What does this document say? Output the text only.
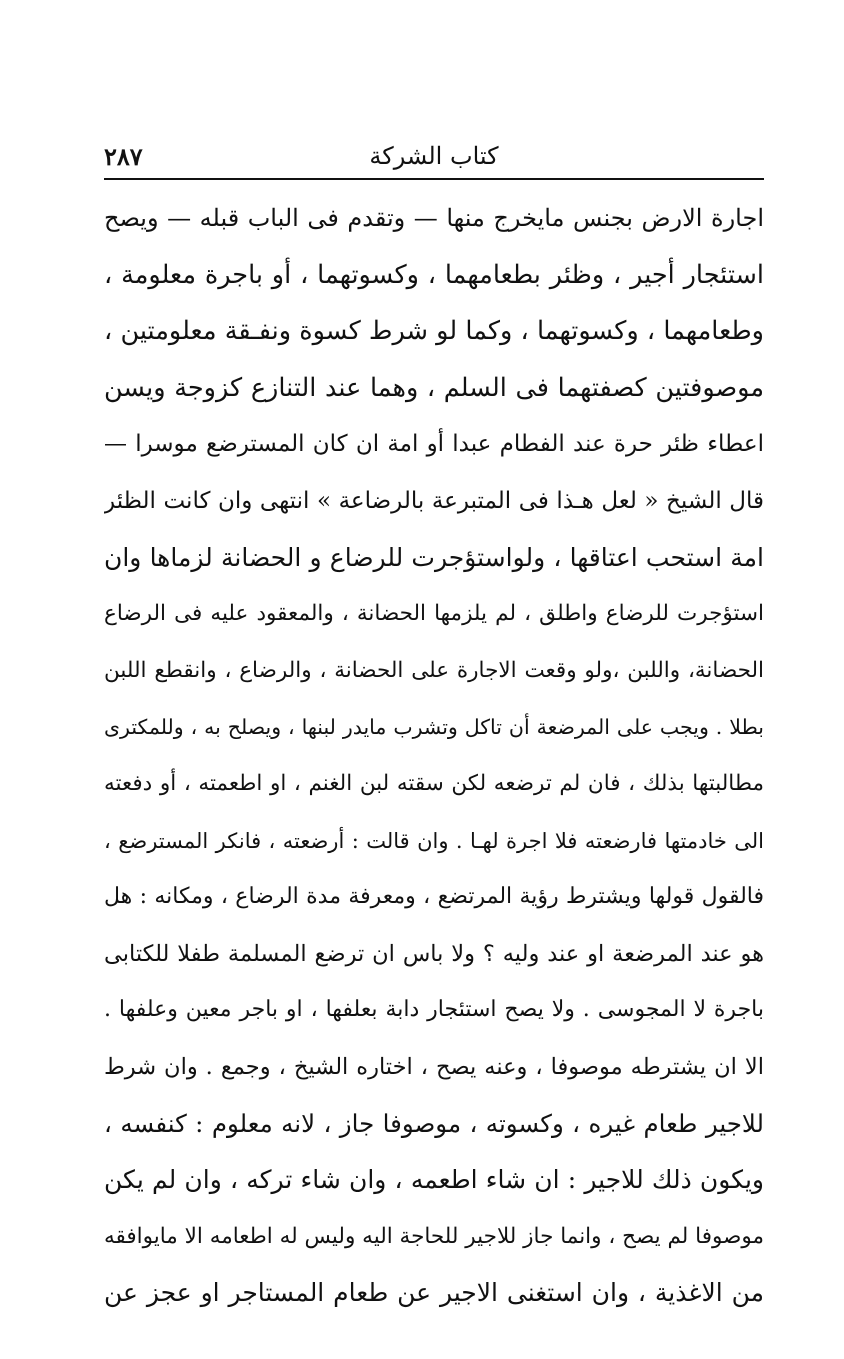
٢٨٧	كتاب الشركة
اجارة الارض بجنس مايخرج منها — وتقدم فى الباب قبله — ويصح
استئجار أجير ، وظئر بطعامهما ، وكسوتهما ، أو باجرة معلومة ،
وطعامهما ، وكسوتهما ، وكما لو شرط كسوة ونفـقة معلومتين ،
موصوفتين كصفتهما فى السلم ، وهما عند التنازع كزوجة ويسن
اعطاء ظئر حرة عند الفطام عبدا أو امة ان كان المسترضع موسرا —
قال الشيخ « لعل هـذا فى المتبرعة بالرضاعة » انتهى وان كانت الظئر
امة استحب اعتاقها ، ولواستؤجرت للرضاع و الحضانة لزماها وان
استؤجرت للرضاع واطلق ، لم يلزمها الحضانة ، والمعقود عليه فى الرضاع
الحضانة، واللبن ،ولو وقعت الاجارة على الحضانة ، والرضاع ، وانقطع اللبن
بطلا . ويجب على المرضعة أن تاكل وتشرب مايدر لبنها ، ويصلح به ، وللمكترى
مطالبتها بذلك ، فان لم ترضعه لكن سقته لبن الغنم ، او اطعمته ، أو دفعته
الى خادمتها فارضعته فلا اجرة لهـا . وان قالت : أرضعته ، فانكر المسترضع ،
فالقول قولها ويشترط رؤية المرتضع ، ومعرفة مدة الرضاع ، ومكانه : هل
هو عند المرضعة او عند وليه ؟ ولا باس ان ترضع المسلمة طفلا للكتابى
باجرة لا المجوسى . ولا يصح استئجار دابة بعلفها ، او باجر معين وعلفها .
الا ان يشترطه موصوفا ، وعنه يصح ، اختاره الشيخ ، وجمع . وان شرط
للاجير طعام غيره ، وكسوته ، موصوفا جاز ، لانه معلوم : كنفسه ،
ويكون ذلك للاجير : ان شاء اطعمه ، وان شاء تركه ، وان لم يكن
موصوفا لم يصح ، وانما جاز للاجير للحاجة اليه وليس له اطعامه الا مايوافقه
من الاغذية ، وان استغنى الاجير عن طعام المستاجر او عجز عن
